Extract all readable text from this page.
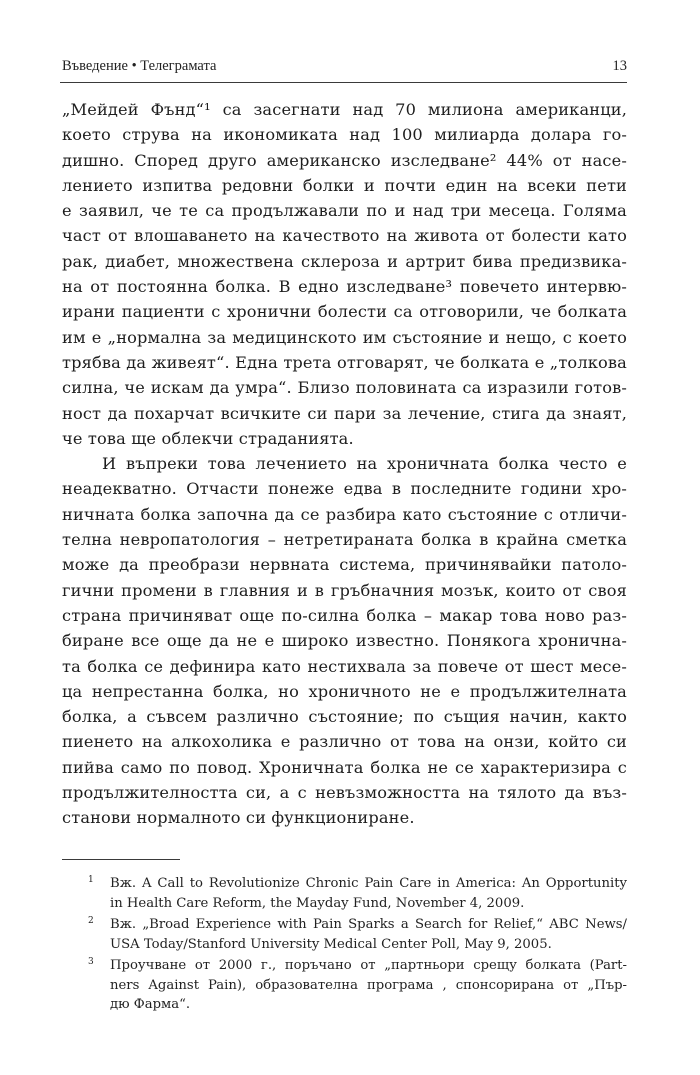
Въведение • Телеграмата	13

„Мейдей Фънд“¹ са засегнати над 70 милиона американци,
което струва на икономиката над 100 милиарда долара го-
дишно. Според друго американско изследване² 44% от насе-
лението изпитва редовни болки и почти един на всеки пети
е заявил, че те са продължавали по и над три месеца. Голяма
част от влошаването на качеството на живота от болести като
рак, диабет, множествена склероза и артрит бива предизвика-
на от постоянна болка. В едно изследване³ повечето интервю-
ирани пациенти с хронични болести са отговорили, че болката
им е „нормална за медицинското им състояние и нещо, с което
трябва да живеят“. Една трета отговарят, че болката е „толкова
силна, че искам да умра“. Близо половината са изразили готов-
ност да похарчат всичките си пари за лечение, стига да знаят,
че това ще облекчи страданията.

И въпреки това лечението на хроничната болка често е
неадекватно. Отчасти понеже едва в последните години хро-
ничната болка започна да се разбира като състояние с отличи-
телна невропатология – нетретираната болка в крайна сметка
може да преобрази нервната система, причинявайки патоло-
гични промени в главния и в гръбначния мозък, които от своя
страна причиняват още по-силна болка – макар това ново раз-
биране все още да не е широко известно. Понякога хронична-
та болка се дефинира като нестихвала за повече от шест месе-
ца непрестанна болка, но хроничното не е продължителната
болка, а съвсем различно състояние; по същия начин, както
пиенето на алкохолика е различно от това на онзи, който си
пийва само по повод. Хроничната болка не се характеризира с
продължителността си, а с невъзможността на тялото да въз-
станови нормалното си функциониране.

1 Вж. A Call to Revolutionize Chronic Pain Care in America: An Opportunity
in Health Care Reform, the Mayday Fund, November 4, 2009.
2 Вж. „Broad Experience with Pain Sparks a Search for Relief,“ ABC News/
USA Today/Stanford University Medical Center Poll, May 9, 2005.
3 Проучване от 2000 г., поръчано от „партньори срещу болката (Part-
ners Against Pain), образователна програма , спонсорирана от „Пър-
дю Фарма“.
